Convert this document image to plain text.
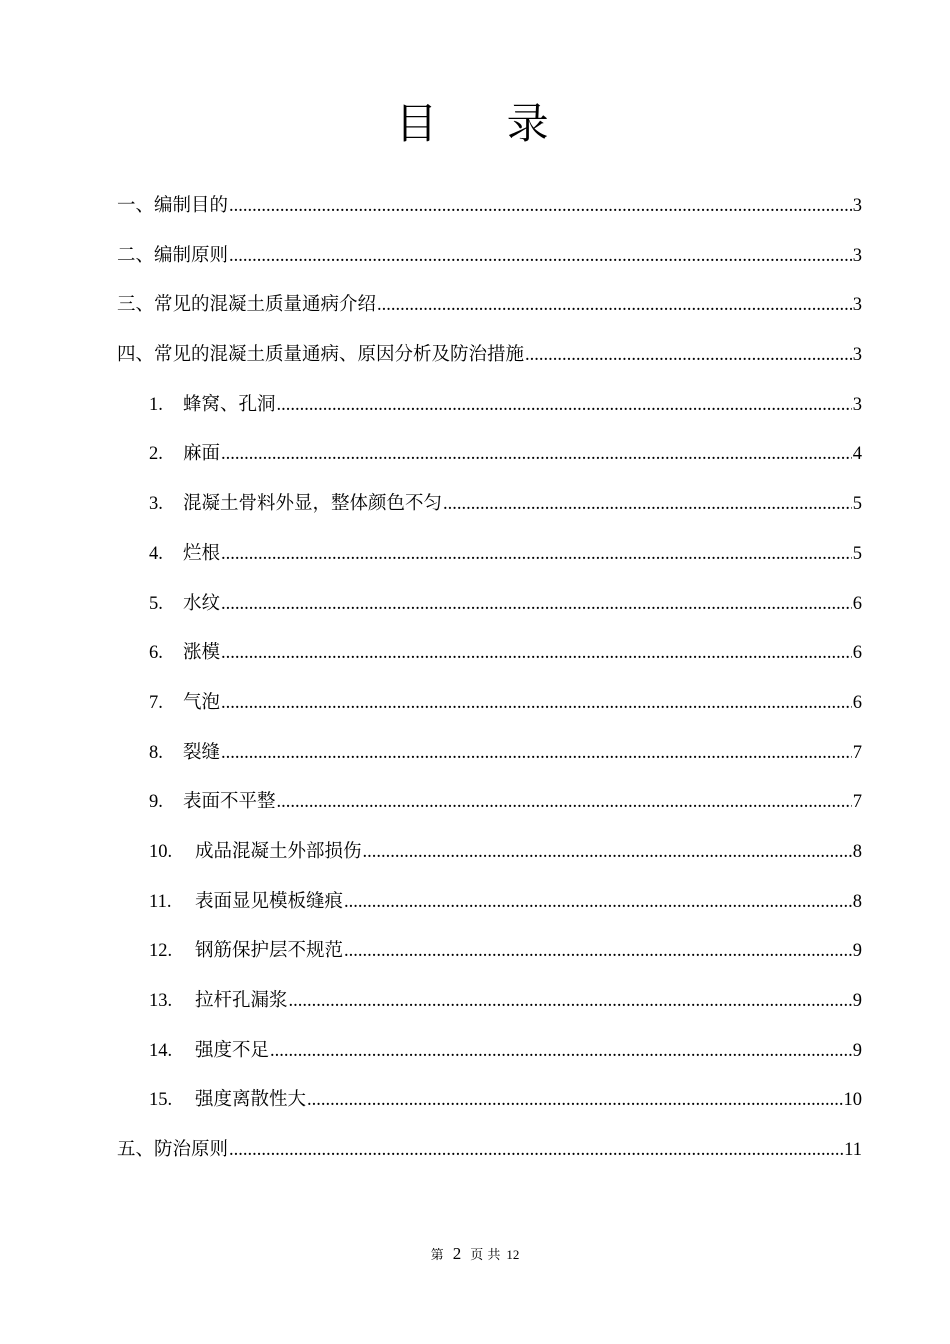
目 录
一、编制目的 .....	3
二、编制原则 .....	3
三、常见的混凝土质量通病介绍 .....	3
四、常见的混凝土质量通病、原因分析及防治措施 .....	3
1. 蜂窝、孔洞 .....	3
2. 麻面 .....	4
3. 混凝土骨料外显，整体颜色不匀 .....	5
4. 烂根 .....	5
5. 水纹 .....	6
6. 涨模 .....	6
7. 气泡 .....	6
8. 裂缝 .....	7
9. 表面不平整 .....	7
10. 成品混凝土外部损伤 .....	8
11. 表面显见模板缝痕 .....	8
12. 钢筋保护层不规范 .....	9
13. 拉杆孔漏浆 .....	9
14. 强度不足 .....	9
15. 强度离散性大 .....	10
五、防治原则 .....	11
第 2 页 共 12
